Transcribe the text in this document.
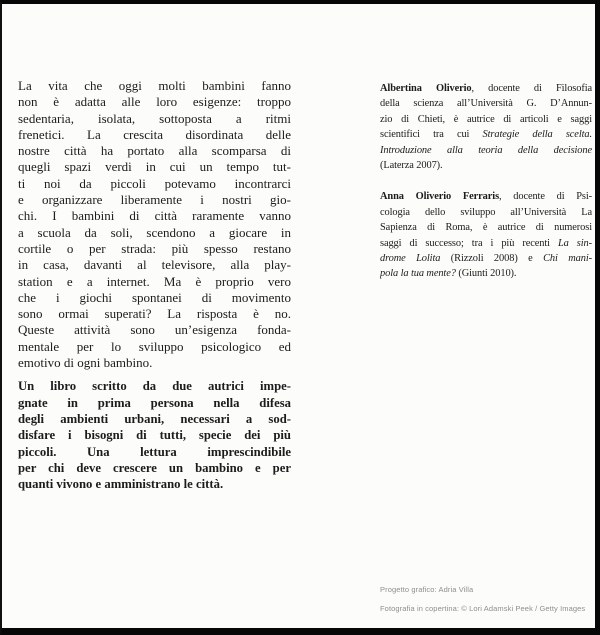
La vita che oggi molti bambini fanno
non è adatta alle loro esigenze: troppo
sedentaria, isolata, sottoposta a ritmi
frenetici. La crescita disordinata delle
nostre città ha portato alla scomparsa di
quegli spazi verdi in cui un tempo tut-
ti noi da piccoli potevamo incontrarci
e organizzare liberamente i nostri gio-
chi. I bambini di città raramente vanno
a scuola da soli, scendono a giocare in
cortile o per strada: più spesso restano
in casa, davanti al televisore, alla play-
station e a internet. Ma è proprio vero
che i giochi spontanei di movimento
sono ormai superati? La risposta è no.
Queste attività sono un’esigenza fonda-
mentale per lo sviluppo psicologico ed
emotivo di ogni bambino.
Un libro scritto da due autrici impe-
gnate in prima persona nella difesa
degli ambienti urbani, necessari a sod-
disfare i bisogni di tutti, specie dei più
piccoli. Una lettura imprescindibile
per chi deve crescere un bambino e per
quanti vivono e amministrano le città.
Albertina Oliverio, docente di Filosofia
della scienza all’Università G. D’Annun-
zio di Chieti, è autrice di articoli e saggi
scientifici tra cui Strategie della scelta.
Introduzione alla teoria della decisione
(Laterza 2007).
Anna Oliverio Ferraris, docente di Psi-
cologia dello sviluppo all’Università La
Sapienza di Roma, è autrice di numerosi
saggi di successo; tra i più recenti La sin-
drome Lolita (Rizzoli 2008) e Chi mani-
pola la tua mente? (Giunti 2010).
Progetto grafico: Adria Villa
Fotografia in copertina: © Lori Adamski Peek / Getty Images
